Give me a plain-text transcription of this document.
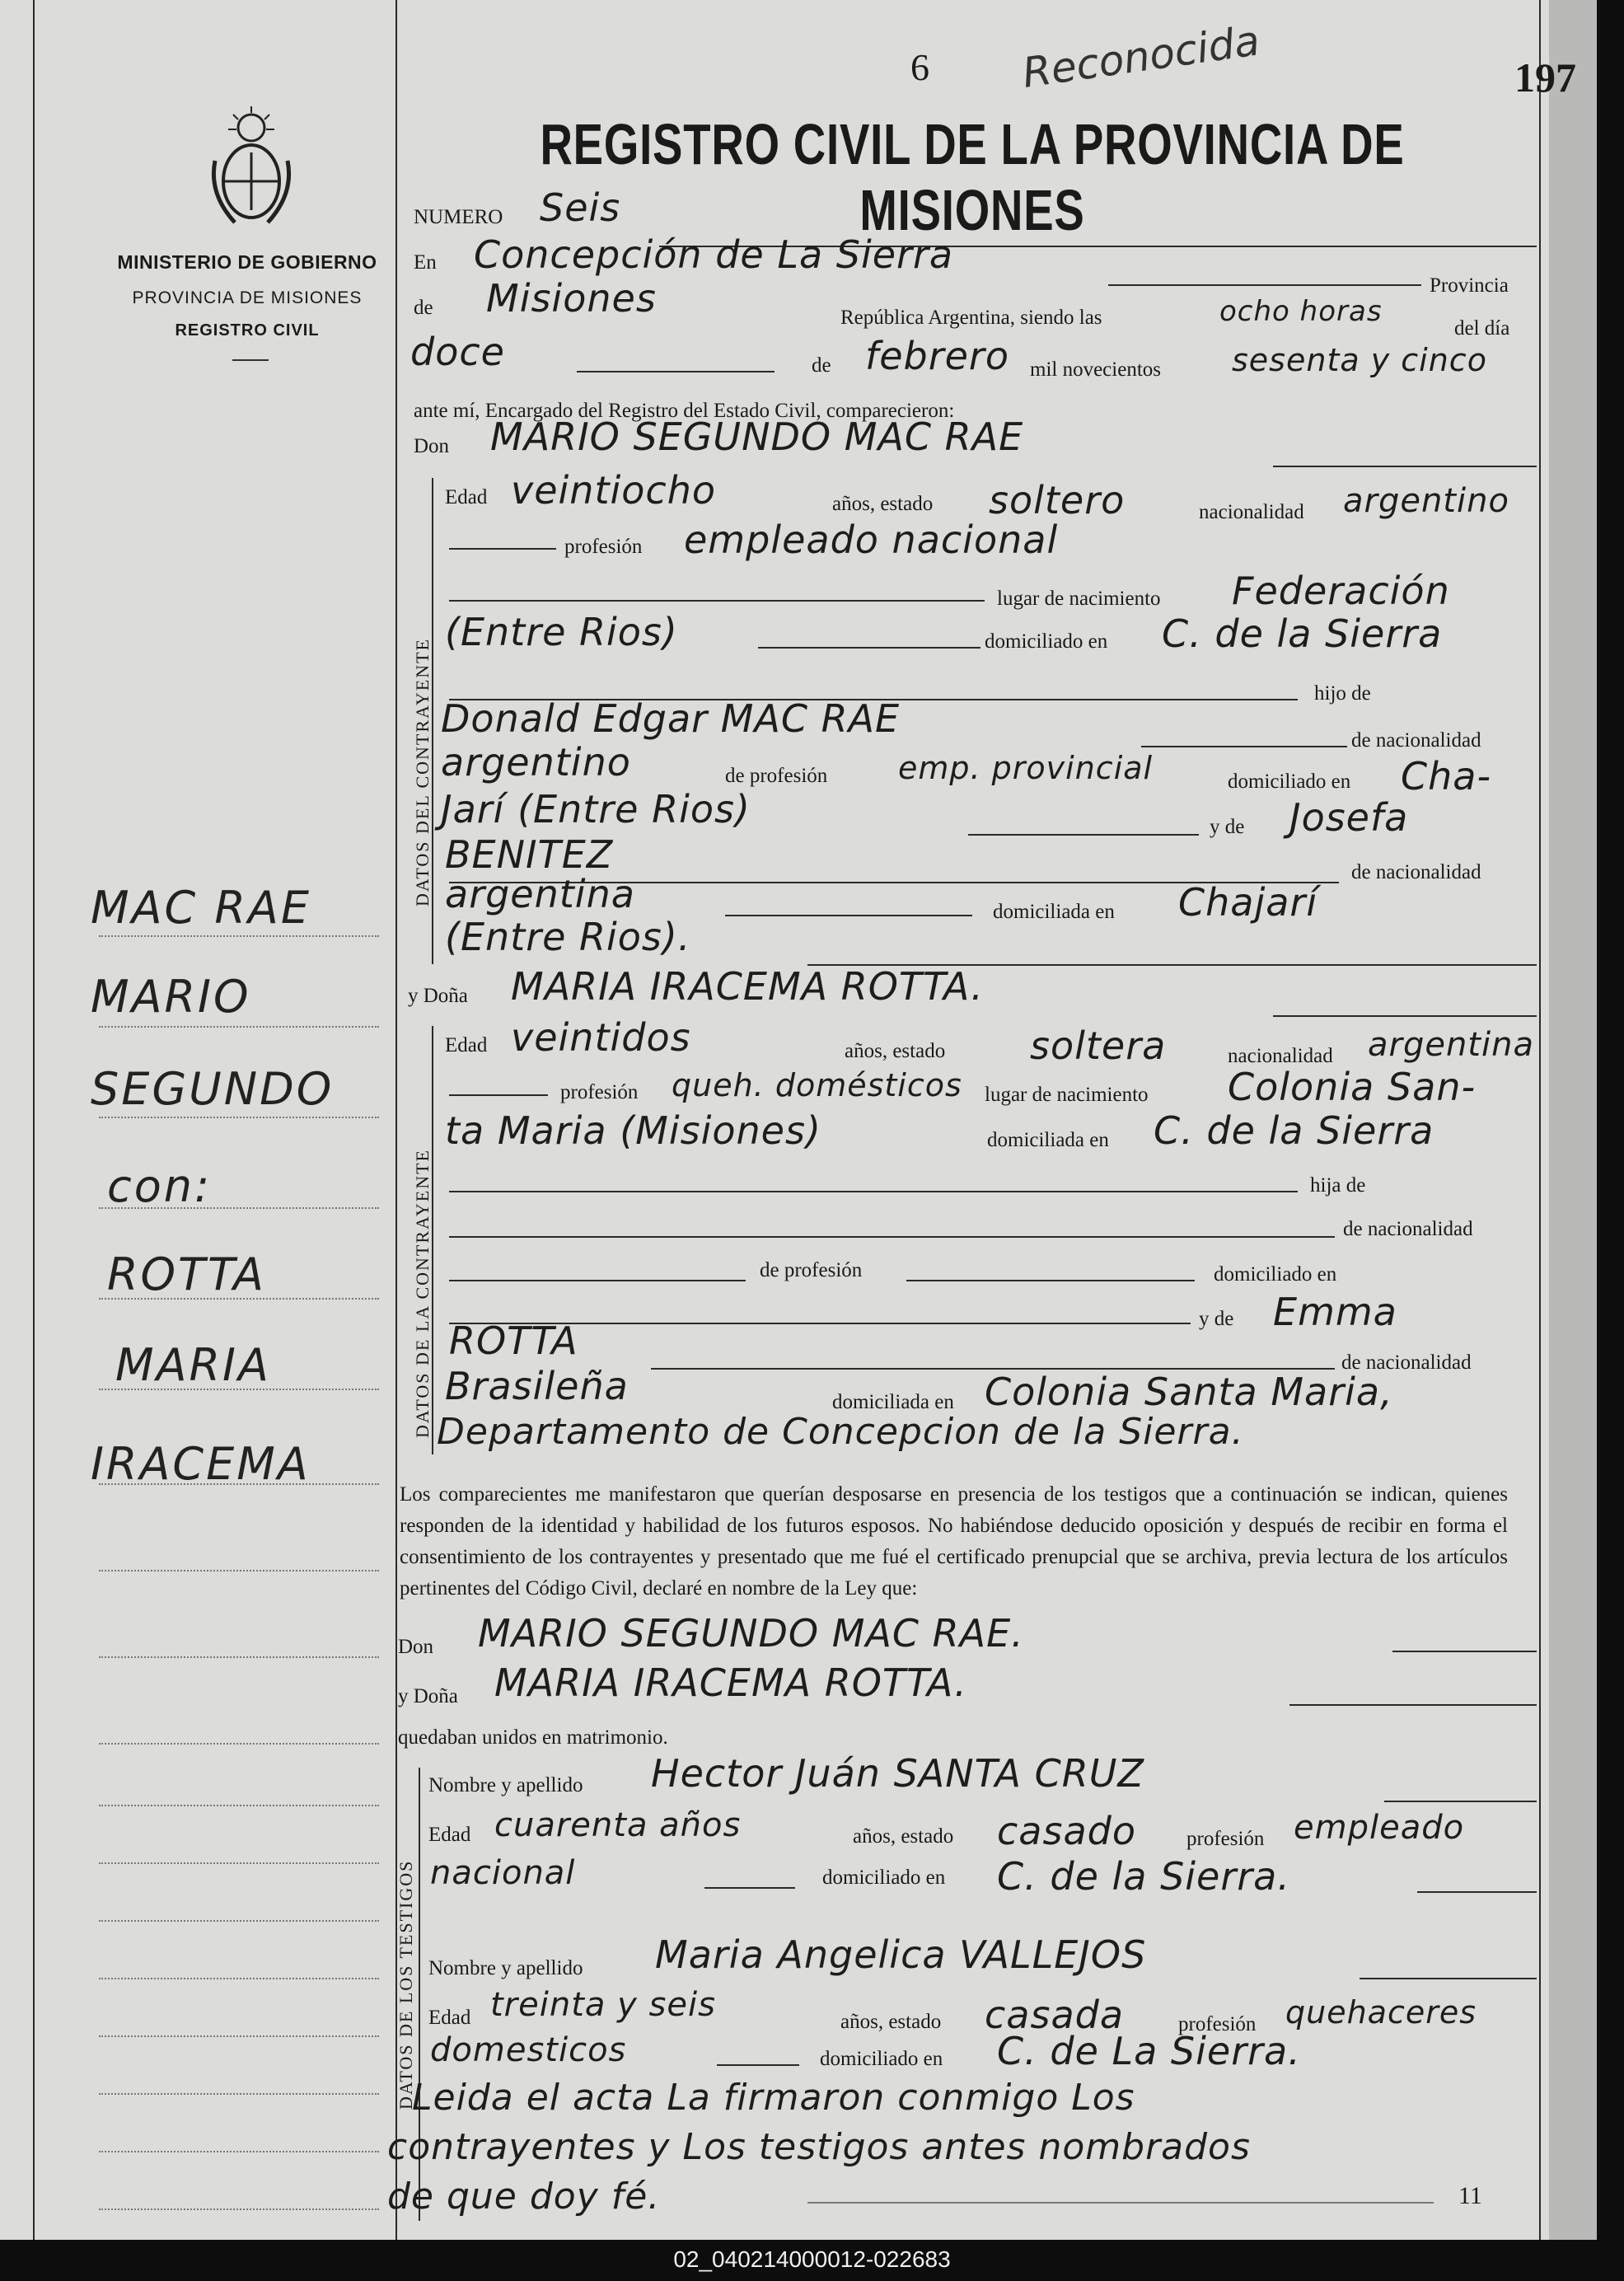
MINISTERIO DE GOBIERNO
PROVINCIA DE MISIONES
REGISTRO CIVIL
MAC RAE
MARIO
SEGUNDO
con:
ROTTA
MARIA
IRACEMA
6 Reconocida	197
REGISTRO CIVIL DE LA PROVINCIA DE MISIONES
NUMERO Seis
En Concepción de La Sierra
Provincia
de Misiones	República Argentina, siendo las	ocho horas
del día
doce	de febrero mil novecientos sesenta y cinco
ante mí, Encargado del Registro del Estado Civil, comparecieron:
Don MARIO SEGUNDO MAC RAE
DATOS DEL CONTRAYENTE
Edad veintiocho	años, estado soltero	nacionalidad argentino
profesión empleado nacional
lugar de nacimiento Federación
(Entre Rios)	domiciliado en C. de la Sierra
hijo de
Donald Edgar MAC RAE	de nacionalidad
argentino	de profesión emp. provincial	domiciliado en Cha-
Jarí (Entre Rios)	y de Josefa
BENITEZ	de nacionalidad
argentina	domiciliada en Chajarí
(Entre Rios).
y Doña MARIA IRACEMA ROTTA.
DATOS DE LA CONTRAYENTE
Edad veintidos	años, estado soltera	nacionalidad argentina
profesión queh. domésticos lugar de nacimiento Colonia San-
ta Maria (Misiones)	domiciliada en C. de la Sierra
hija de
de nacionalidad
de profesión	domiciliado en
y de Emma
ROTTA	de nacionalidad
Brasileña	domiciliada en Colonia Santa Maria,
Departamento de Concepcion de la Sierra.
Los comparecientes me manifestaron que querían desposarse en presencia de los testigos que a continuación se indican, quienes responden de la identidad y habilidad de los futuros esposos. No habiéndose deducido oposición y después de recibir en forma el consentimiento de los contrayentes y presentado que me fué el certificado prenupcial que se archiva, previa lectura de los artículos pertinentes del Código Civil, declaré en nombre de la Ley que:
Don MARIO SEGUNDO MAC RAE.
y Doña MARIA IRACEMA ROTTA.
quedaban unidos en matrimonio.
DATOS DE LOS TESTIGOS
Nombre y apellido Hector Juán SANTA CRUZ
Edad cuarenta años	años, estado casado profesión empleado
nacional	domiciliado en C. de la Sierra.
Nombre y apellido Maria Angelica VALLEJOS
Edad treinta y seis	años, estado casada	profesión quehaceres
domesticos	domiciliado en C. de La Sierra.
Leida el acta La firmaron conmigo Los
contrayentes y Los testigos antes nombrados
de que doy fé.	11
02_040214000012-022683
